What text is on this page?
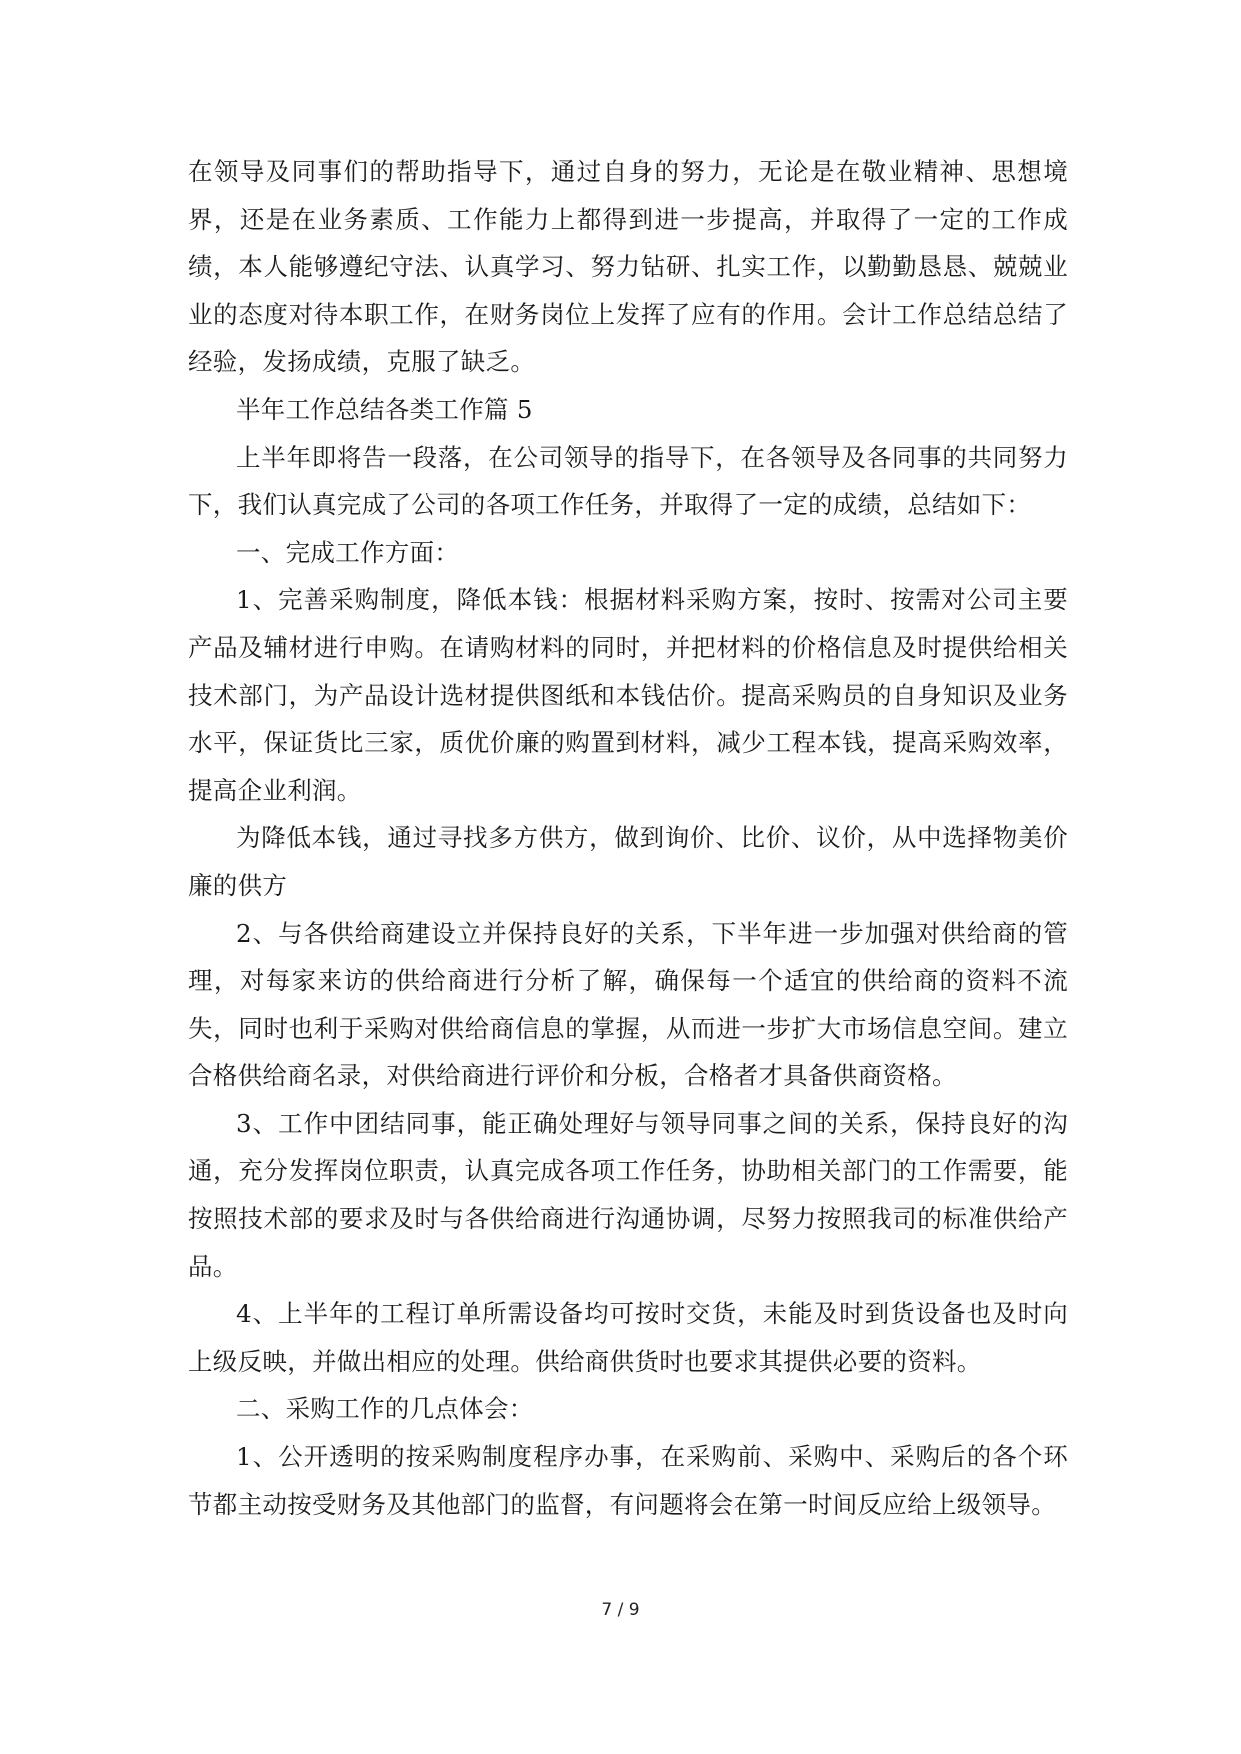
在领导及同事们的帮助指导下，通过自身的努力，无论是在敬业精神、思想境界，还是在业务素质、工作能力上都得到进一步提高，并取得了一定的工作成绩，本人能够遵纪守法、认真学习、努力钻研、扎实工作，以勤勤恳恳、兢兢业业的态度对待本职工作，在财务岗位上发挥了应有的作用。会计工作总结总结了经验，发扬成绩，克服了缺乏。

半年工作总结各类工作篇 5

上半年即将告一段落，在公司领导的指导下，在各领导及各同事的共同努力下，我们认真完成了公司的各项工作任务，并取得了一定的成绩，总结如下：

一、完成工作方面：

1、完善采购制度，降低本钱：根据材料采购方案，按时、按需对公司主要产品及辅材进行申购。在请购材料的同时，并把材料的价格信息及时提供给相关技术部门，为产品设计选材提供图纸和本钱估价。提高采购员的自身知识及业务水平，保证货比三家，质优价廉的购置到材料，减少工程本钱，提高采购效率，提高企业利润。

为降低本钱，通过寻找多方供方，做到询价、比价、议价，从中选择物美价廉的供方

2、与各供给商建设立并保持良好的关系，下半年进一步加强对供给商的管理，对每家来访的供给商进行分析了解，确保每一个适宜的供给商的资料不流失，同时也利于采购对供给商信息的掌握，从而进一步扩大市场信息空间。建立合格供给商名录，对供给商进行评价和分板，合格者才具备供商资格。

3、工作中团结同事，能正确处理好与领导同事之间的关系，保持良好的沟通，充分发挥岗位职责，认真完成各项工作任务，协助相关部门的工作需要，能按照技术部的要求及时与各供给商进行沟通协调，尽努力按照我司的标准供给产品。

4、上半年的工程订单所需设备均可按时交货，未能及时到货设备也及时向上级反映，并做出相应的处理。供给商供货时也要求其提供必要的资料。

二、采购工作的几点体会：

1、公开透明的按采购制度程序办事，在采购前、采购中、采购后的各个环节都主动按受财务及其他部门的监督，有问题将会在第一时间反应给上级领导。

7 / 9
